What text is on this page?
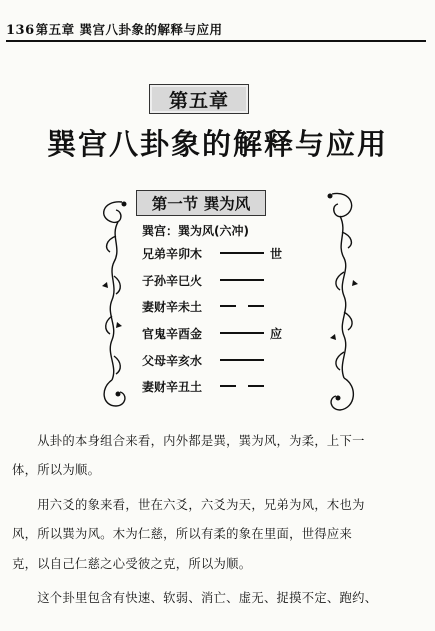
136第五章 巽宫八卦象的解释与应用
第五章
巽宫八卦象的解释与应用
第一节 巽为风
巽宫：巽为风(六冲)
兄弟辛卯木	世
子孙辛巳火
妻财辛未土
官鬼辛酉金	应
父母辛亥水
妻财辛丑土
　　从卦的本身组合来看，内外都是巽，巽为风，为柔，上下一
体，所以为顺。
　　用六爻的象来看，世在六爻，六爻为天，兄弟为风，木也为
风，所以巽为风。木为仁慈，所以有柔的象在里面，世得应来
克，以自己仁慈之心受彼之克，所以为顺。
　　这个卦里包含有快速、软弱、消亡、虚无、捉摸不定、跑约、
